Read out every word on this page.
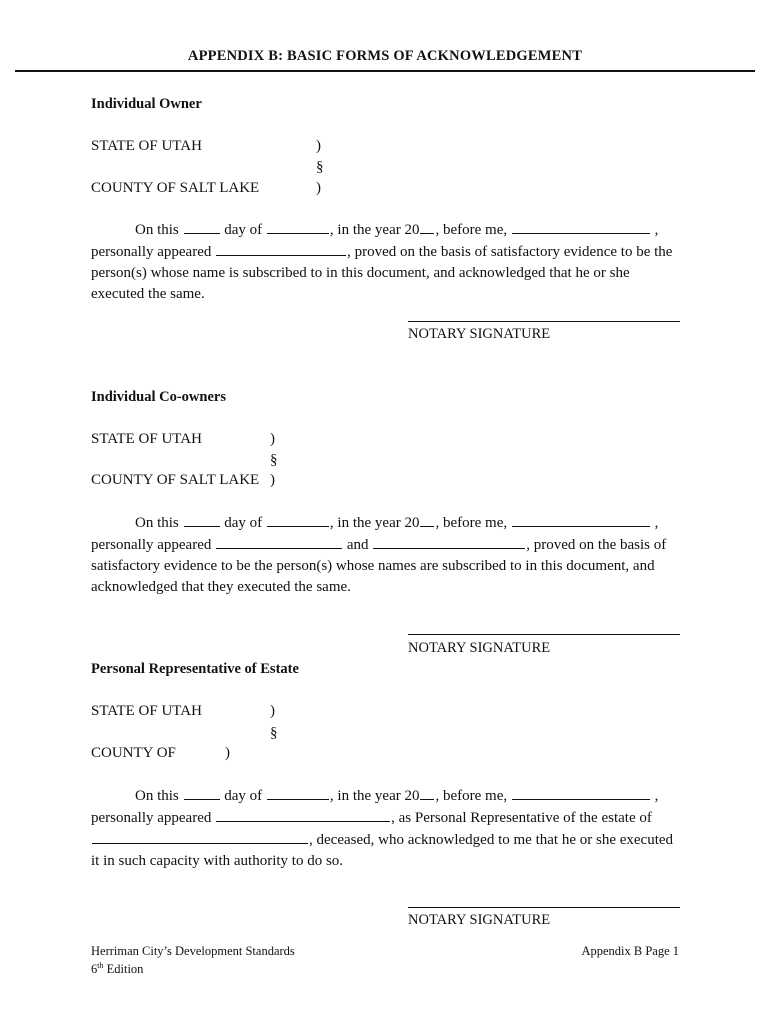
APPENDIX B: BASIC FORMS OF ACKNOWLEDGEMENT
Individual Owner
STATE OF UTAH	)
§
COUNTY OF SALT LAKE	)
On this	day of	, in the year 20 , before me,	, personally appeared	, proved on the basis of satisfactory evidence to be the person(s) whose name is subscribed to in this document, and acknowledged that he or she executed the same.
NOTARY SIGNATURE
Individual Co-owners
STATE OF UTAH	)
§
COUNTY OF SALT LAKE )
On this	day of	, in the year 20 , before me,	, personally appeared	and	, proved on the basis of satisfactory evidence to be the person(s) whose names are subscribed to in this document, and acknowledged that they executed the same.
NOTARY SIGNATURE
Personal Representative of Estate
STATE OF UTAH	)
§
COUNTY OF	)
On this	day of	, in the year 20 , before me,	, personally appeared	, as Personal Representative of the estate of , deceased, who acknowledged to me that he or she executed it in such capacity with authority to do so.
NOTARY SIGNATURE
Herriman City’s Development Standards
6th Edition
Appendix B Page 1
